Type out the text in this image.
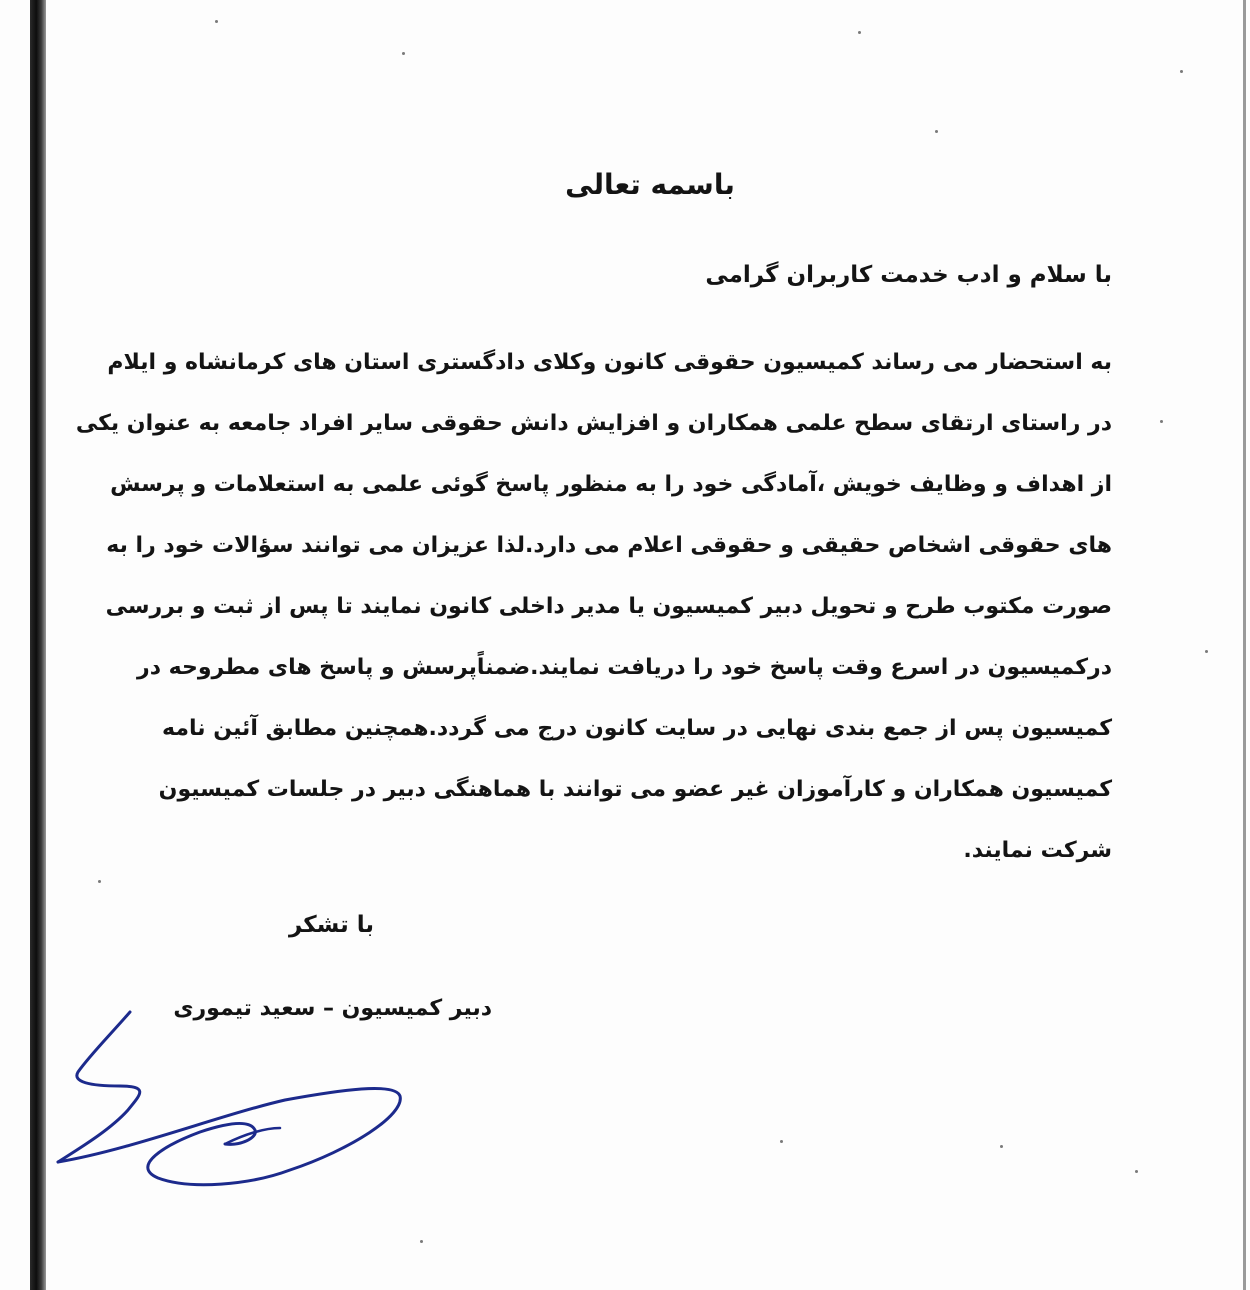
باسمه تعالی
با سلام و ادب خدمت کاربران گرامی
به استحضار می رساند کمیسیون حقوقی کانون وکلای دادگستری استان های کرمانشاه و ایلام
در راستای ارتقای سطح علمی همکاران و افزایش دانش حقوقی سایر افراد جامعه به عنوان یکی
از اهداف و وظایف خویش ،آمادگی خود را به منظور پاسخ گوئی علمی به استعلامات و پرسش
های حقوقی اشخاص حقیقی و حقوقی اعلام می دارد.لذا عزیزان می توانند سؤالات خود را به
صورت مکتوب طرح و تحویل دبیر کمیسیون یا مدیر داخلی کانون نمایند تا پس از ثبت و بررسی
درکمیسیون در اسرع وقت پاسخ خود را دریافت نمایند.ضمناًپرسش و پاسخ های مطروحه در
کمیسیون پس از جمع بندی نهایی در سایت کانون درج می گردد.همچنین مطابق آئین نامه
کمیسیون همکاران و کارآموزان غیر عضو می توانند با هماهنگی دبیر در جلسات کمیسیون
شرکت نمایند.
با تشکر
دبیر کمیسیون – سعید تیموری
